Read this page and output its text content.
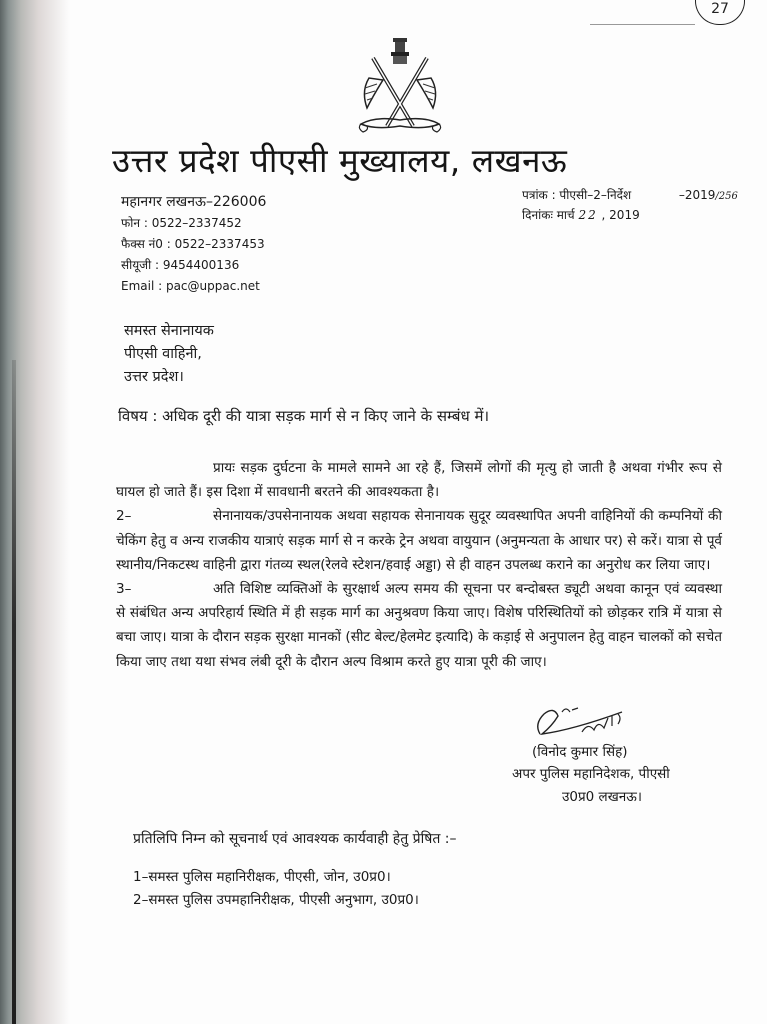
27
उत्तर प्रदेश पीएसी मुख्यालय, लखनऊ
महानगर लखनऊ–226006
फोन : 0522–2337452
फैक्स नं0 : 0522–2337453
सीयूजी : 9454400136
Email : pac@uppac.net
पत्रांक : पीएसी–2–निर्देश	–2019/256
दिनांकः मार्च 22 , 2019
समस्त सेनानायक
पीएसी वाहिनी,
उत्तर प्रदेश।
विषय : अधिक दूरी की यात्रा सड़क मार्ग से न किए जाने के सम्बंध में।

प्रायः सड़क दुर्घटना के मामले सामने आ रहे हैं, जिसमें लोगों की मृत्यु हो जाती है अथवा गंभीर रूप से घायल हो जाते हैं। इस दिशा में सावधानी बरतने की आवश्यकता है।

2–	सेनानायक/उपसेनानायक अथवा सहायक सेनानायक सुदूर व्यवस्थापित अपनी वाहिनियों की कम्पनियों की चेकिंग हेतु व अन्य राजकीय यात्राएं सड़क मार्ग से न करके ट्रेन अथवा वायुयान (अनुमन्यता के आधार पर) से करें। यात्रा से पूर्व स्थानीय/निकटस्थ वाहिनी द्वारा गंतव्य स्थल(रेलवे स्टेशन/हवाई अड्डा) से ही वाहन उपलब्ध कराने का अनुरोध कर लिया जाए।

3–	अति विशिष्ट व्यक्तिओं के सुरक्षार्थ अल्प समय की सूचना पर बन्दोबस्त ड्यूटी अथवा कानून एवं व्यवस्था से संबंधित अन्य अपरिहार्य स्थिति में ही सड़क मार्ग का अनुश्रवण किया जाए। विशेष परिस्थितियों को छोड़कर रात्रि में यात्रा से बचा जाए। यात्रा के दौरान सड़क सुरक्षा मानकों (सीट बेल्ट/हेलमेट इत्यादि) के कड़ाई से अनुपालन हेतु वाहन चालकों को सचेत किया जाए तथा यथा संभव लंबी दूरी के दौरान अल्प विश्राम करते हुए यात्रा पूरी की जाए।

(विनोद कुमार सिंह)
अपर पुलिस महानिदेशक, पीएसी
उ0प्र0 लखनऊ।
प्रतिलिपि निम्न को सूचनार्थ एवं आवश्यक कार्यवाही हेतु प्रेषित :–
1–समस्त पुलिस महानिरीक्षक, पीएसी, जोन, उ0प्र0।
2–समस्त पुलिस उपमहानिरीक्षक, पीएसी अनुभाग, उ0प्र0।
